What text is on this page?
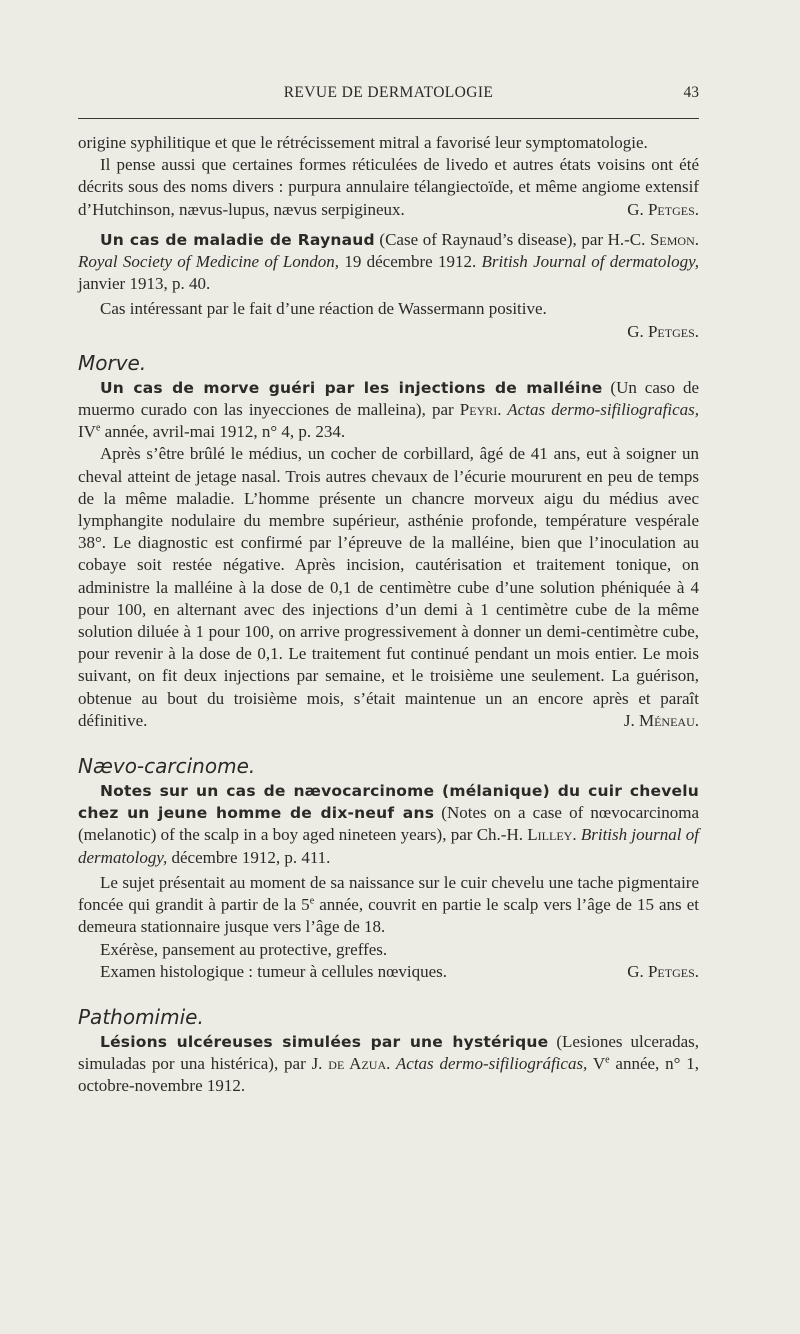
REVUE DE DERMATOLOGIE	43

origine syphilitique et que le rétrécissement mitral a favorisé leur symptomatologie.

Il pense aussi que certaines formes réticulées de livedo et autres états voisins ont été décrits sous des noms divers : purpura annulaire télangiectoïde, et même angiome extensif d’Hutchinson, nævus-lupus, nævus serpigineux.	G. Petges.

Un cas de maladie de Raynaud (Case of Raynaud’s disease), par H.-C. Semon. Royal Society of Medicine of London, 19 décembre 1912. British Journal of dermatology, janvier 1913, p. 40.

Cas intéressant par le fait d’une réaction de Wassermann positive.

G. Petges.

Morve.

Un cas de morve guéri par les injections de malléine (Un caso de muermo curado con las inyecciones de malleina), par Peyri. Actas dermo-sifiliograficas, IVe année, avril-mai 1912, n° 4, p. 234.

Après s’être brûlé le médius, un cocher de corbillard, âgé de 41 ans, eut à soigner un cheval atteint de jetage nasal. Trois autres chevaux de l’écurie moururent en peu de temps de la même maladie. L’homme présente un chancre morveux aigu du médius avec lymphangite nodulaire du membre supérieur, asthénie profonde, température vespérale 38°. Le diagnostic est confirmé par l’épreuve de la malléine, bien que l’inoculation au cobaye soit restée négative. Après incision, cautérisation et traitement tonique, on administre la malléine à la dose de 0,1 de centimètre cube d’une solution phéniquée à 4 pour 100, en alternant avec des injections d’un demi à 1 centimètre cube de la même solution diluée à 1 pour 100, on arrive progressivement à donner un demi-centimètre cube, pour revenir à la dose de 0,1. Le traitement fut continué pendant un mois entier. Le mois suivant, on fit deux injections par semaine, et le troisième une seulement. La guérison, obtenue au bout du troisième mois, s’était maintenue un an encore après et paraît définitive.	J. Méneau.

Nævo-carcinome.

Notes sur un cas de nævocarcinome (mélanique) du cuir chevelu chez un jeune homme de dix-neuf ans (Notes on a case of nœvocarcinoma (melanotic) of the scalp in a boy aged nineteen years), par Ch.-H. Lilley. British journal of dermatology, décembre 1912, p. 411.

Le sujet présentait au moment de sa naissance sur le cuir chevelu une tache pigmentaire foncée qui grandit à partir de la 5e année, couvrit en partie le scalp vers l’âge de 15 ans et demeura stationnaire jusque vers l’âge de 18.

Exérèse, pansement au protective, greffes.

Examen histologique : tumeur à cellules nœviques.	G. Petges.

Pathomimie.

Lésions ulcéreuses simulées par une hystérique (Lesiones ulceradas, simuladas por una histérica), par J. de Azua. Actas dermo-sifiliográficas, Ve année, n° 1, octobre-novembre 1912.
